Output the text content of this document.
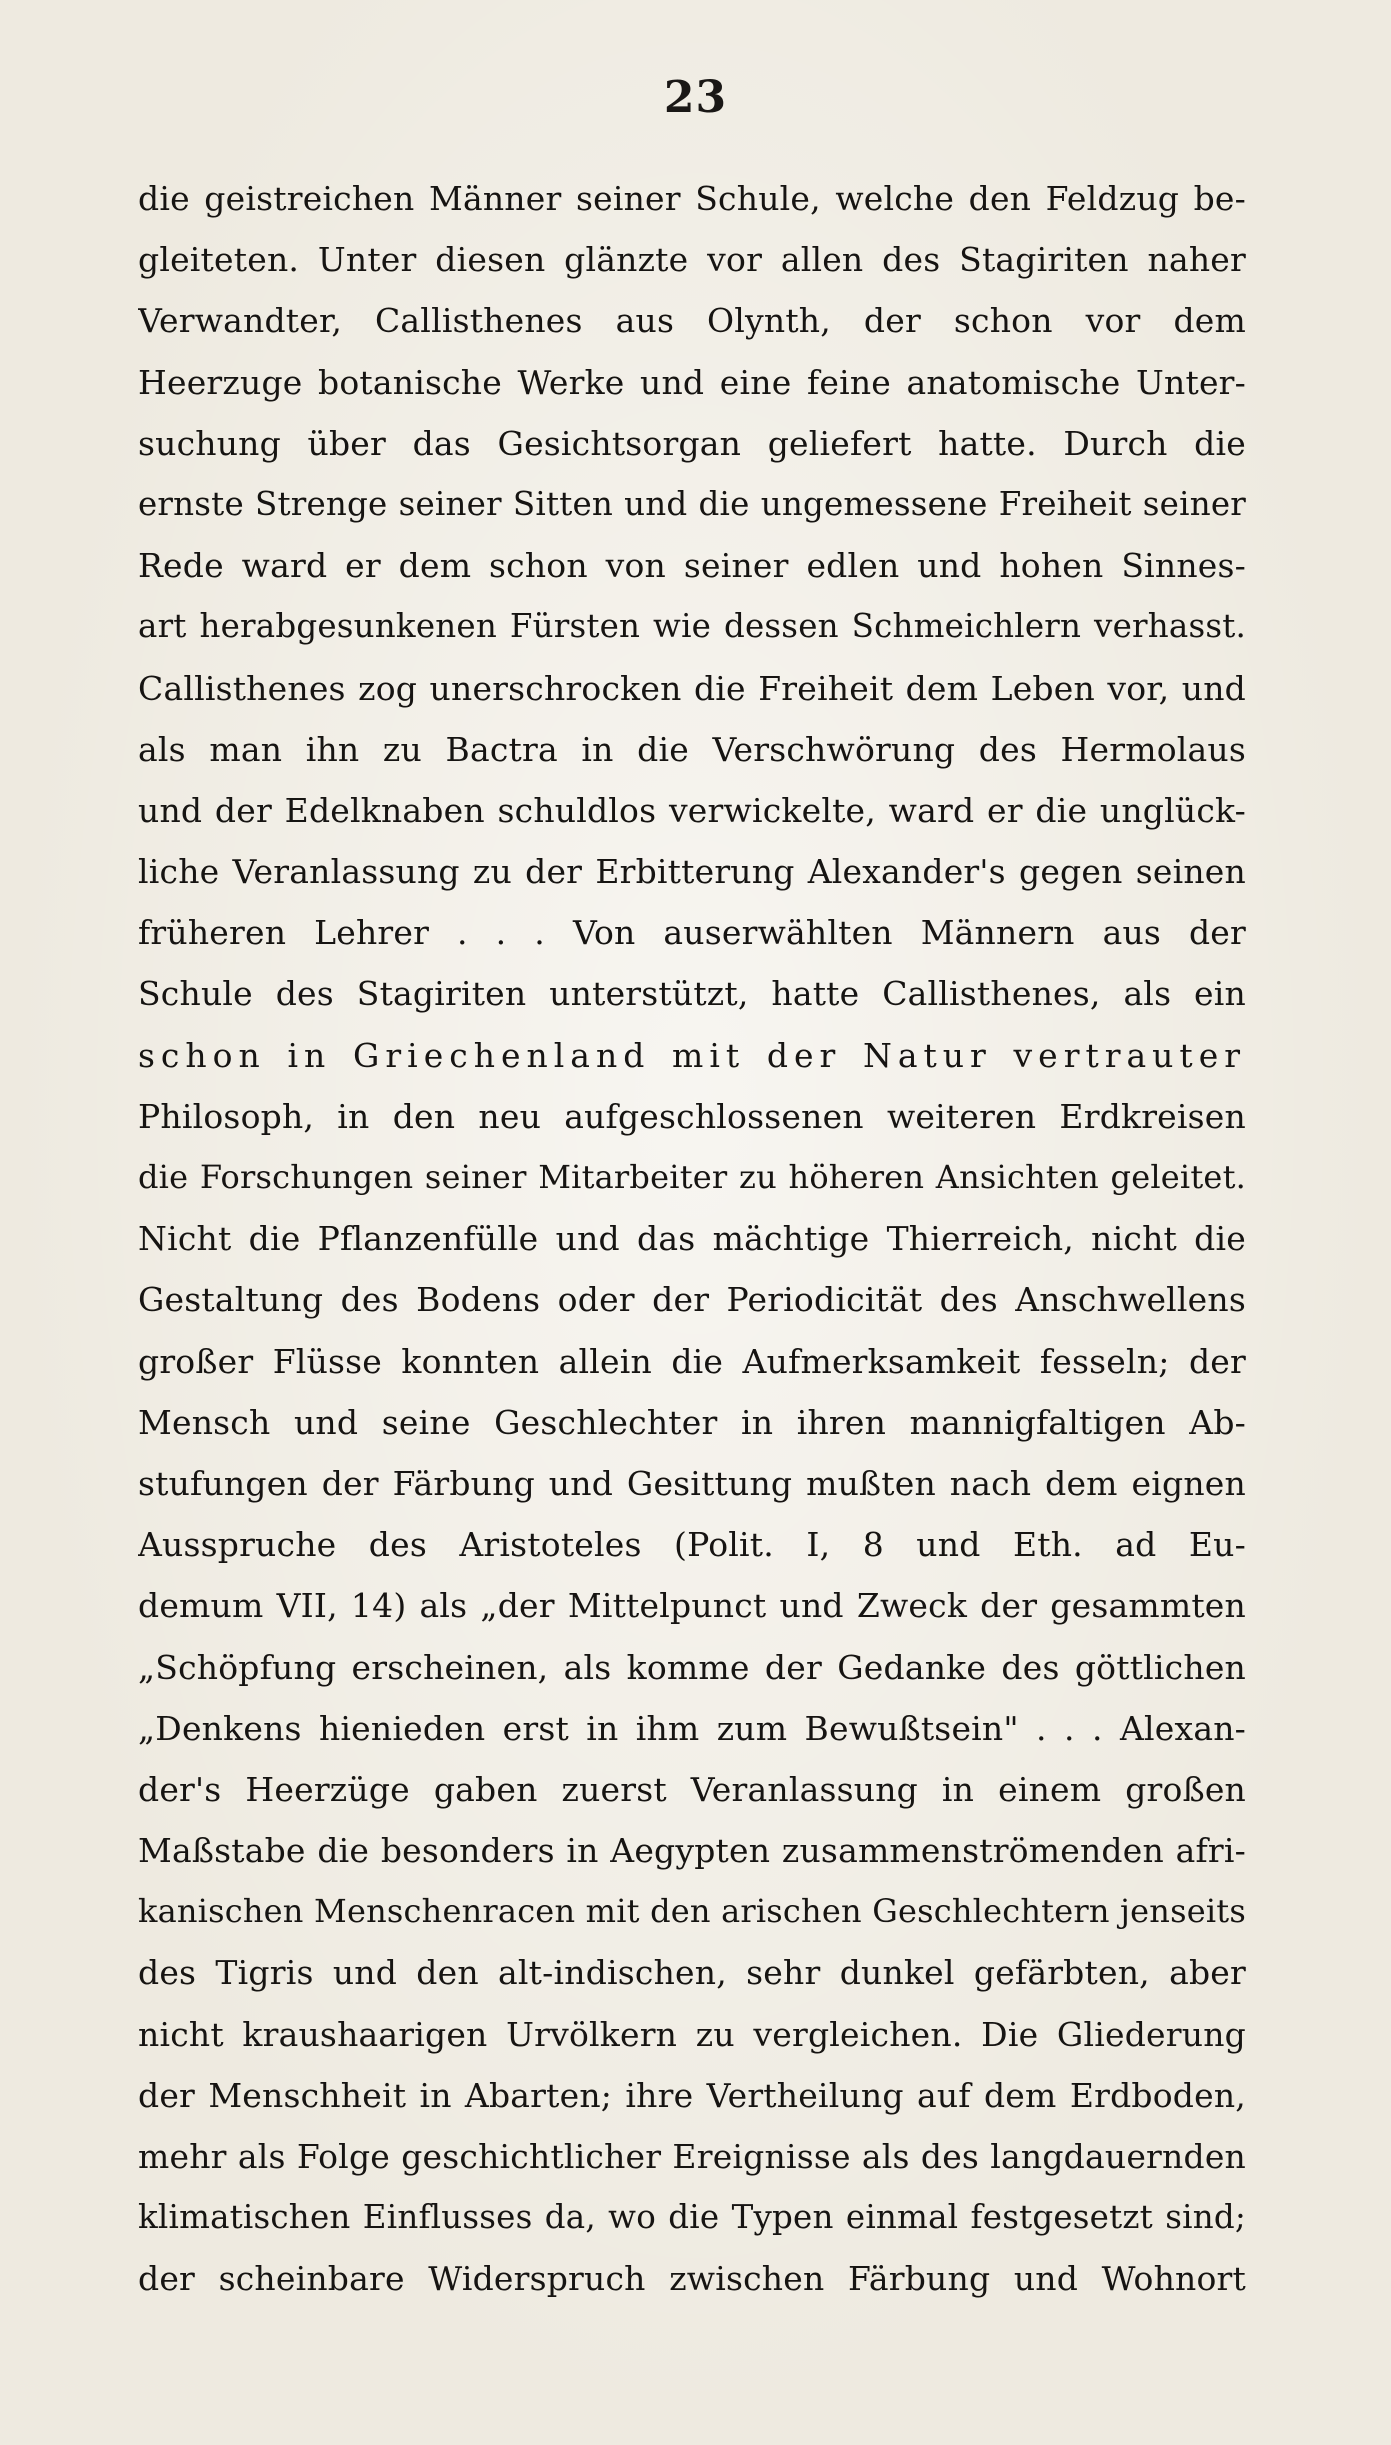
23
die geistreichen Männer seiner Schule, welche den Feldzug be-
gleiteten. Unter diesen glänzte vor allen des Stagiriten naher
Verwandter, Callisthenes aus Olynth, der schon vor dem
Heerzuge botanische Werke und eine feine anatomische Unter-
suchung über das Gesichtsorgan geliefert hatte. Durch die
ernste Strenge seiner Sitten und die ungemessene Freiheit seiner
Rede ward er dem schon von seiner edlen und hohen Sinnes-
art herabgesunkenen Fürsten wie dessen Schmeichlern verhasst.
Callisthenes zog unerschrocken die Freiheit dem Leben vor, und
als man ihn zu Bactra in die Verschwörung des Hermolaus
und der Edelknaben schuldlos verwickelte, ward er die unglück-
liche Veranlassung zu der Erbitterung Alexander's gegen seinen
früheren Lehrer . . . Von auserwählten Männern aus der
Schule des Stagiriten unterstützt, hatte Callisthenes, als ein
schon in Griechenland mit der Natur vertrauter
Philosoph, in den neu aufgeschlossenen weiteren Erdkreisen
die Forschungen seiner Mitarbeiter zu höheren Ansichten geleitet.
Nicht die Pflanzenfülle und das mächtige Thierreich, nicht die
Gestaltung des Bodens oder der Periodicität des Anschwellens
großer Flüsse konnten allein die Aufmerksamkeit fesseln; der
Mensch und seine Geschlechter in ihren mannigfaltigen Ab-
stufungen der Färbung und Gesittung mußten nach dem eignen
Ausspruche des Aristoteles (Polit. I, 8 und Eth. ad Eu-
demum VII, 14) als „der Mittelpunct und Zweck der gesammten
„Schöpfung erscheinen, als komme der Gedanke des göttlichen
„Denkens hienieden erst in ihm zum Bewußtsein" . . . Alexan-
der's Heerzüge gaben zuerst Veranlassung in einem großen
Maßstabe die besonders in Aegypten zusammenströmenden afri-
kanischen Menschenracen mit den arischen Geschlechtern jenseits
des Tigris und den alt-indischen, sehr dunkel gefärbten, aber
nicht kraushaarigen Urvölkern zu vergleichen. Die Gliederung
der Menschheit in Abarten; ihre Vertheilung auf dem Erdboden,
mehr als Folge geschichtlicher Ereignisse als des langdauernden
klimatischen Einflusses da, wo die Typen einmal festgesetzt sind;
der scheinbare Widerspruch zwischen Färbung und Wohnort
